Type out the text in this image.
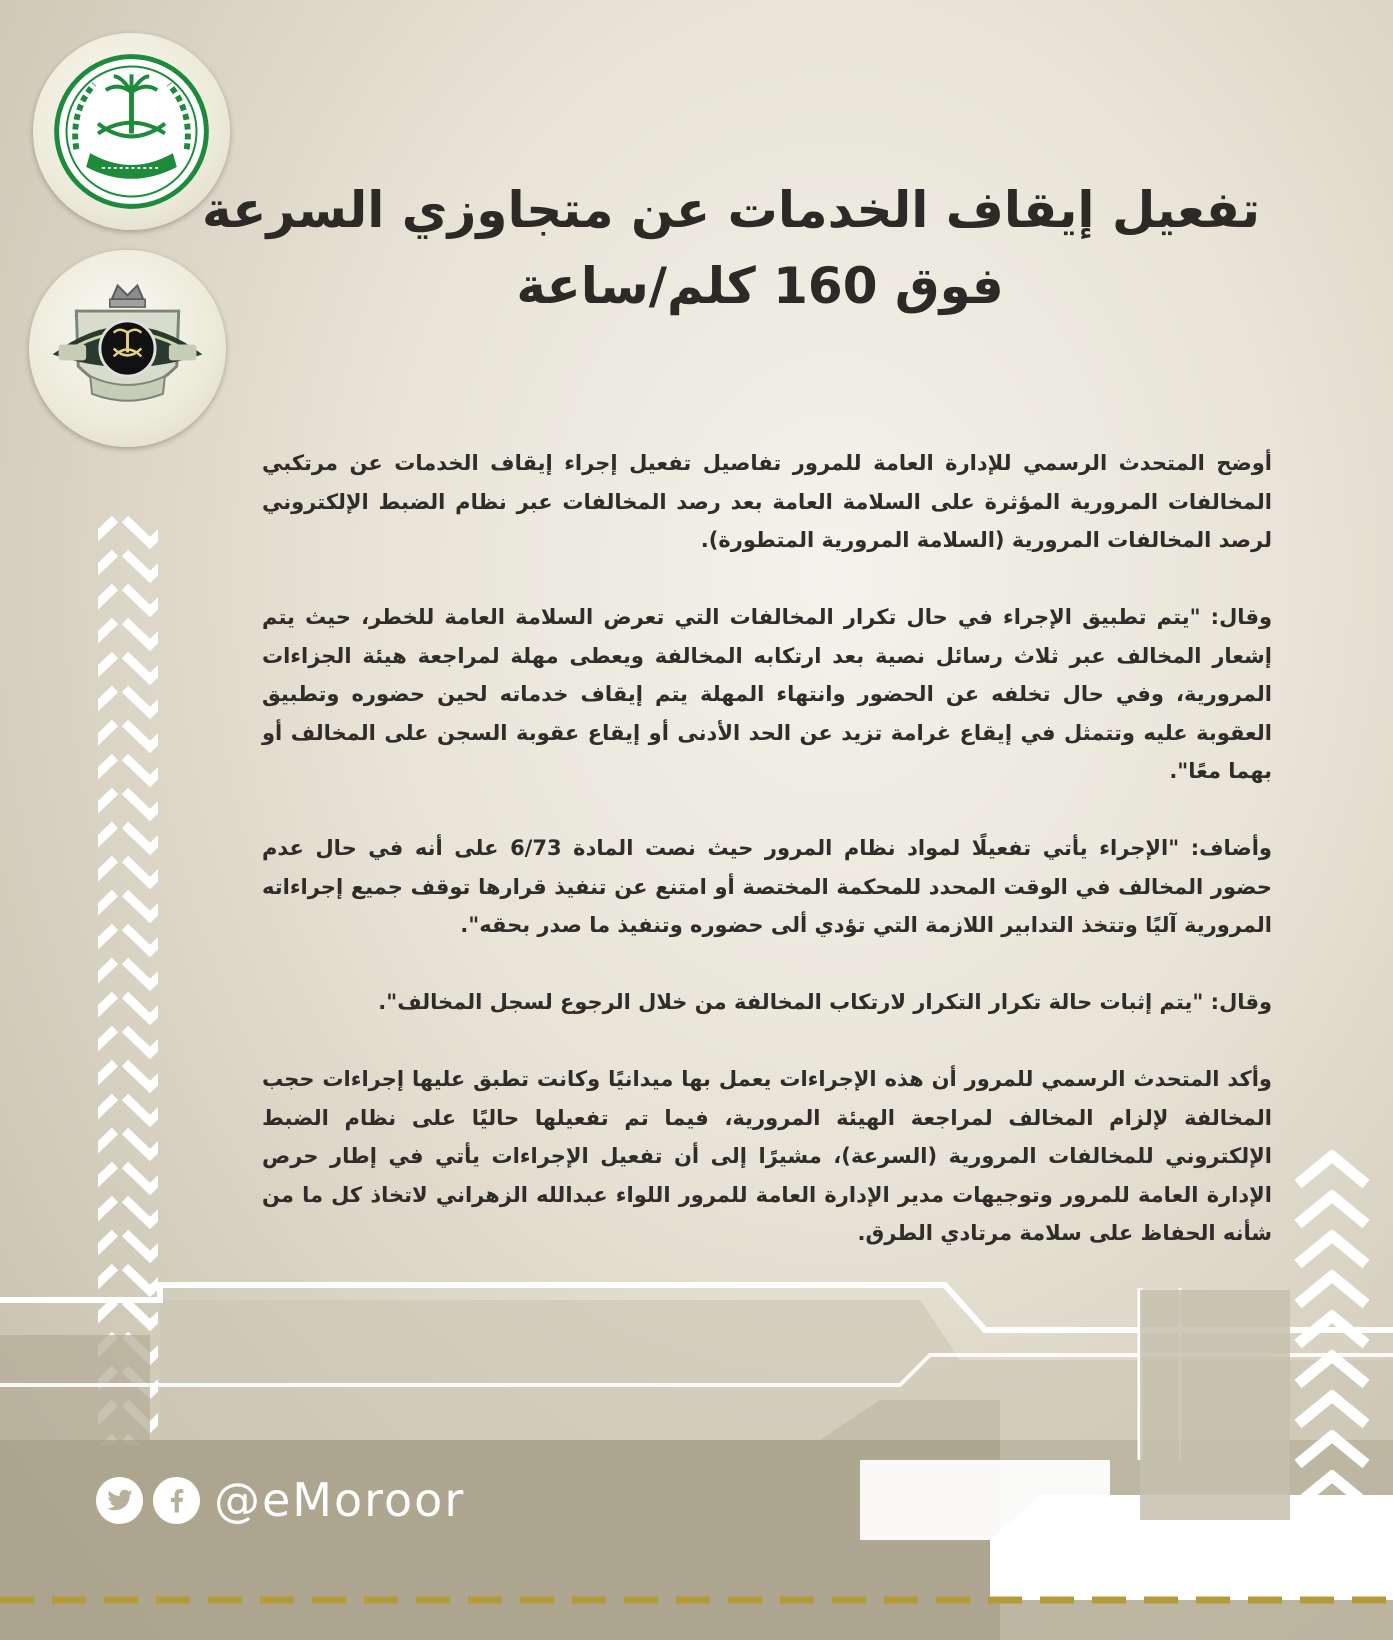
تفعيل إيقاف الخدمات عن متجاوزي السرعة
فوق 160 كلم/ساعة

أوضح المتحدث الرسمي للإدارة العامة للمرور تفاصيل تفعيل إجراء إيقاف الخدمات عن مرتكبي المخالفات المرورية المؤثرة على السلامة العامة بعد رصد المخالفات عبر نظام الضبط الإلكتروني لرصد المخالفات المرورية (السلامة المرورية المتطورة).

وقال: "يتم تطبيق الإجراء في حال تكرار المخالفات التي تعرض السلامة العامة للخطر، حيث يتم إشعار المخالف عبر ثلاث رسائل نصية بعد ارتكابه المخالفة ويعطى مهلة لمراجعة هيئة الجزاءات المرورية، وفي حال تخلفه عن الحضور وانتهاء المهلة يتم إيقاف خدماته لحين حضوره وتطبيق العقوبة عليه وتتمثل في إيقاع غرامة تزيد عن الحد الأدنى أو إيقاع عقوبة السجن على المخالف أو بهما معًا".

وأضاف: "الإجراء يأتي تفعيلًا لمواد نظام المرور حيث نصت المادة 6/73 على أنه في حال عدم حضور المخالف في الوقت المحدد للمحكمة المختصة أو امتنع عن تنفيذ قرارها توقف جميع إجراءاته المرورية آليًا وتتخذ التدابير اللازمة التي تؤدي ألى حضوره وتنفيذ ما صدر بحقه".

وقال: "يتم إثبات حالة تكرار التكرار لارتكاب المخالفة من خلال الرجوع لسجل المخالف".

وأكد المتحدث الرسمي للمرور أن هذه الإجراءات يعمل بها ميدانيًا وكانت تطبق عليها إجراءات حجب المخالفة لإلزام المخالف لمراجعة الهيئة المرورية، فيما تم تفعيلها حاليًا على نظام الضبط الإلكتروني للمخالفات المرورية (السرعة)، مشيرًا إلى أن تفعيل الإجراءات يأتي في إطار حرص الإدارة العامة للمرور وتوجيهات مدير الإدارة العامة للمرور اللواء عبدالله الزهراني لاتخاذ كل ما من شأنه الحفاظ على سلامة مرتادي الطرق.

@eMoroor
